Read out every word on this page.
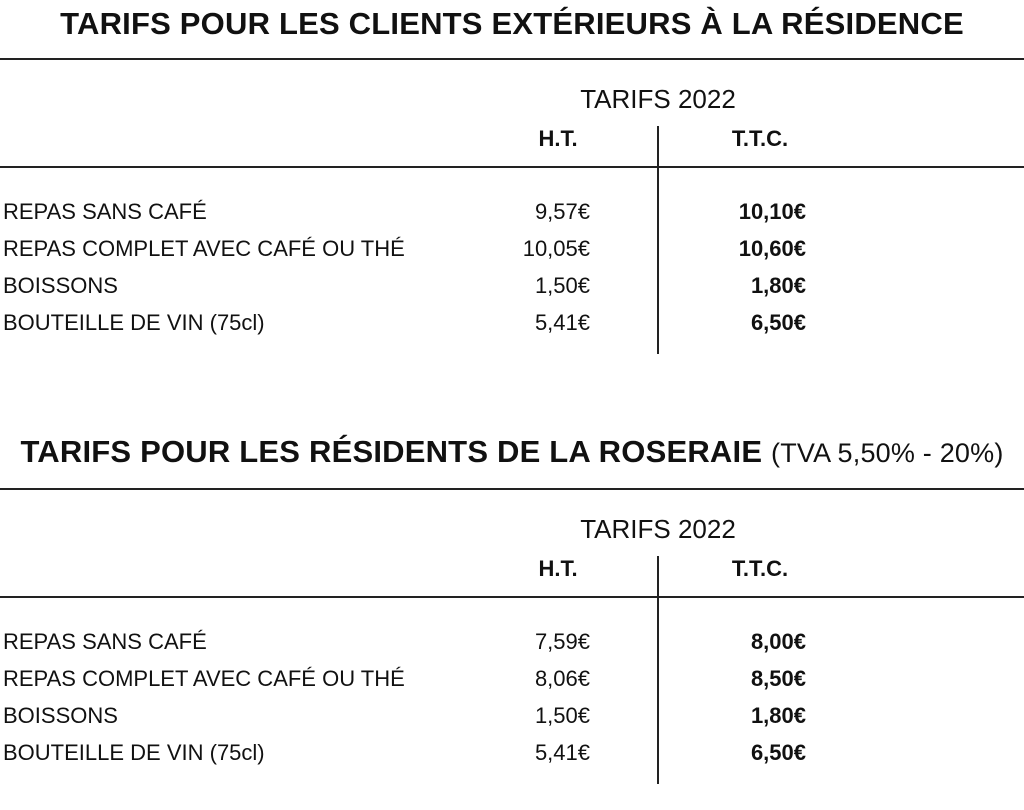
TARIFS POUR LES CLIENTS EXTÉRIEURS À LA RÉSIDENCE
TARIFS 2022
H.T.	T.T.C.
REPAS SANS CAFÉ	9,57€	10,10€
REPAS COMPLET AVEC CAFÉ OU THÉ	10,05€	10,60€
BOISSONS	1,50€	1,80€
BOUTEILLE DE VIN (75cl)	5,41€	6,50€
TARIFS POUR LES RÉSIDENTS DE LA ROSERAIE (TVA 5,50% - 20%)
TARIFS 2022
H.T.	T.T.C.
REPAS SANS CAFÉ	7,59€	8,00€
REPAS COMPLET AVEC CAFÉ OU THÉ	8,06€	8,50€
BOISSONS	1,50€	1,80€
BOUTEILLE DE VIN (75cl)	5,41€	6,50€
